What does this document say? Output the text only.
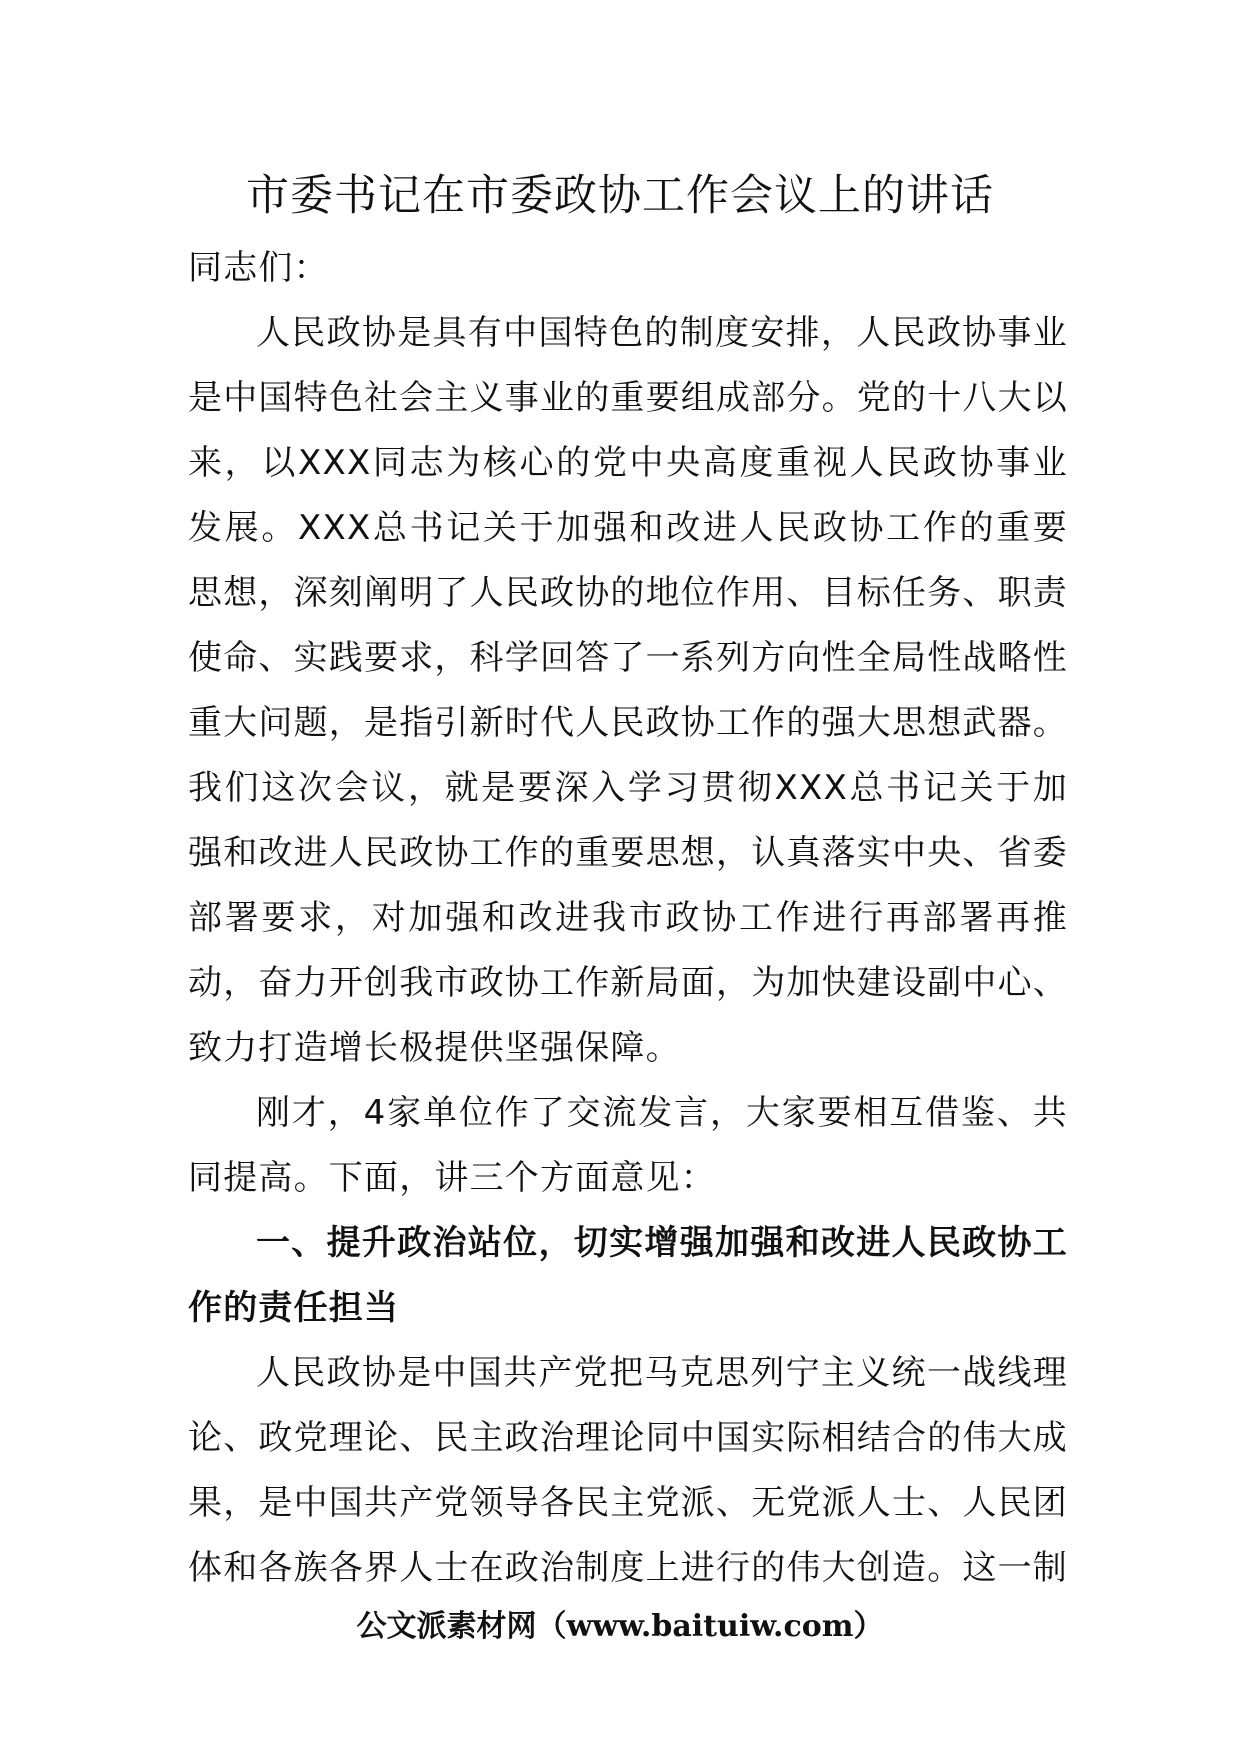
市委书记在市委政协工作会议上的讲话

同志们：

人民政协是具有中国特色的制度安排，人民政协事业是中国特色社会主义事业的重要组成部分。党的十八大以来，以XXX同志为核心的党中央高度重视人民政协事业发展。XXX总书记关于加强和改进人民政协工作的重要思想，深刻阐明了人民政协的地位作用、目标任务、职责使命、实践要求，科学回答了一系列方向性全局性战略性重大问题，是指引新时代人民政协工作的强大思想武器。我们这次会议，就是要深入学习贯彻XXX总书记关于加强和改进人民政协工作的重要思想，认真落实中央、省委部署要求，对加强和改进我市政协工作进行再部署再推动，奋力开创我市政协工作新局面，为加快建设副中心、致力打造增长极提供坚强保障。

刚才，4家单位作了交流发言，大家要相互借鉴、共同提高。下面，讲三个方面意见：

一、提升政治站位，切实增强加强和改进人民政协工作的责任担当

人民政协是中国共产党把马克思列宁主义统一战线理论、政党理论、民主政治理论同中国实际相结合的伟大成果，是中国共产党领导各民主党派、无党派人士、人民团体和各族各界人士在政治制度上进行的伟大创造。这一制

公文派素材网（www.baituiw.com）
